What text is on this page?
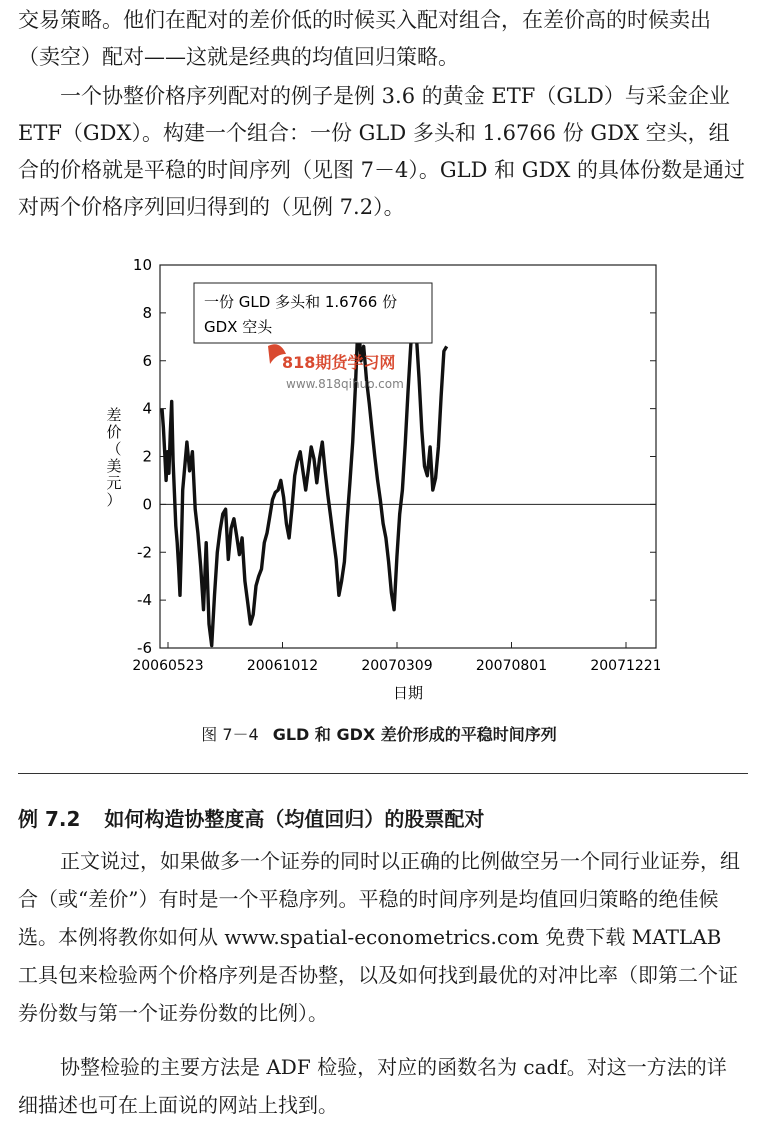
交易策略。他们在配对的差价低的时候买入配对组合，在差价高的时候卖出（卖空）配对——这就是经典的均值回归策略。

一个协整价格序列配对的例子是例 3.6 的黄金 ETF（GLD）与采金企业 ETF（GDX）。构建一个组合：一份 GLD 多头和 1.6766 份 GDX 空头，组合的价格就是平稳的时间序列（见图 7－4）。GLD 和 GDX 的具体份数是通过对两个价格序列回归得到的（见例 7.2）。

-6
-4
-2
0
2
4
6
8
10
20060523	20061012	20070309	20070801	20071221
一份 GLD 多头和 1.6766 份
GDX 空头
818期货学习网
www.818qihuo.com
差价（美元）
日期
图 7－4 GLD 和 GDX 差价形成的平稳时间序列
例 7.2 如何构造协整度高（均值回归）的股票配对

正文说过，如果做多一个证券的同时以正确的比例做空另一个同行业证券，组合（或“差价”）有时是一个平稳序列。平稳的时间序列是均值回归策略的绝佳候选。本例将教你如何从 www.spatial-econometrics.com 免费下载 MATLAB 工具包来检验两个价格序列是否协整，以及如何找到最优的对冲比率（即第二个证券份数与第一个证券份数的比例）。

协整检验的主要方法是 ADF 检验，对应的函数名为 cadf。对这一方法的详细描述也可在上面说的网站上找到。
